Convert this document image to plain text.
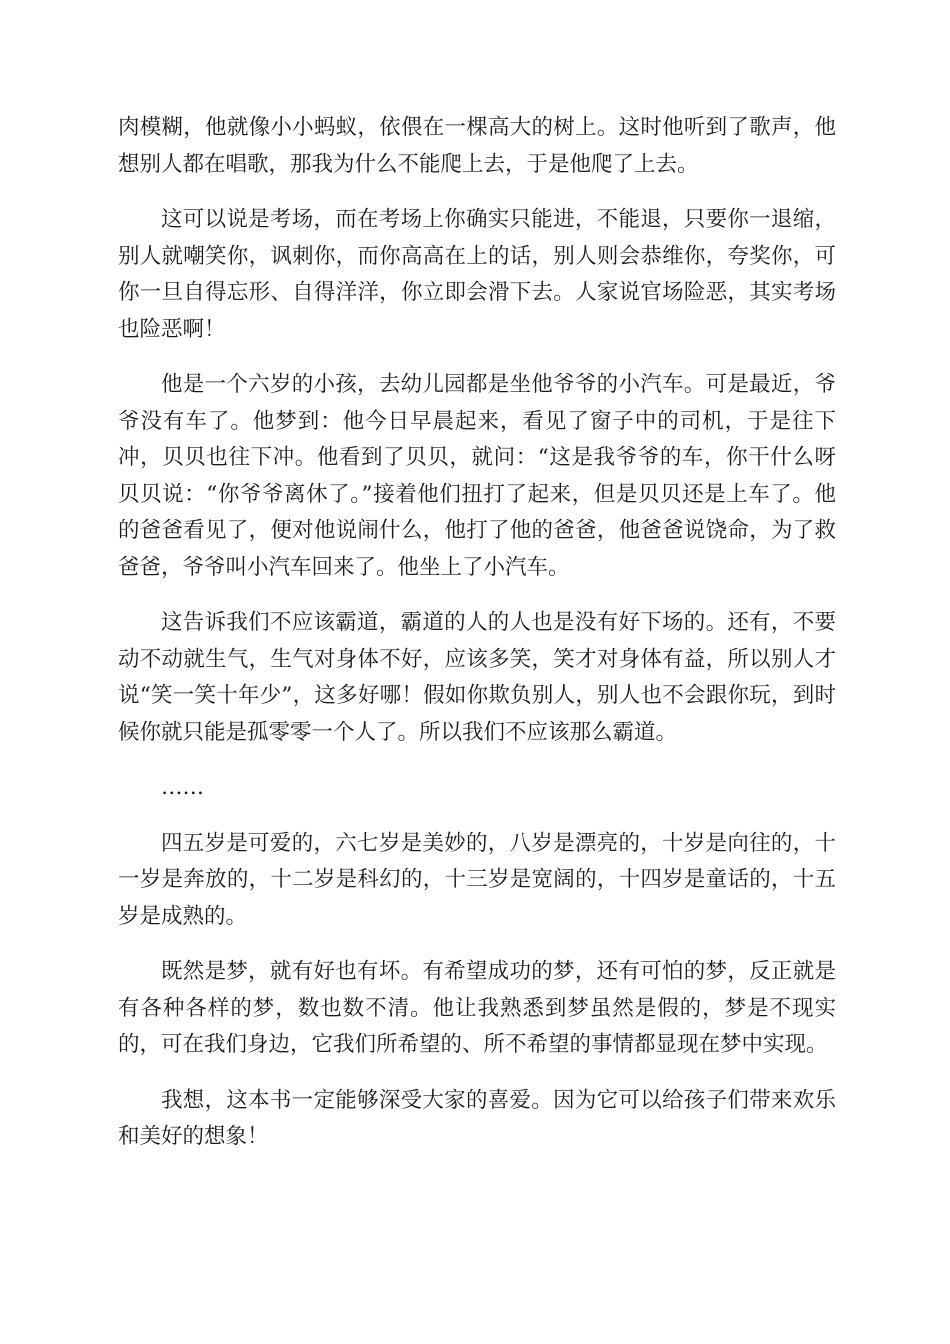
肉模糊，他就像小小蚂蚁，依偎在一棵高大的树上。这时他听到了歌声，他想别人都在唱歌，那我为什么不能爬上去，于是他爬了上去。

这可以说是考场，而在考场上你确实只能进，不能退，只要你一退缩，别人就嘲笑你，讽刺你，而你高高在上的话，别人则会恭维你，夸奖你，可你一旦自得忘形、自得洋洋，你立即会滑下去。人家说官场险恶，其实考场也险恶啊！

他是一个六岁的小孩，去幼儿园都是坐他爷爷的小汽车。可是最近，爷爷没有车了。他梦到：他今日早晨起来，看见了窗子中的司机，于是往下冲，贝贝也往下冲。他看到了贝贝，就问：“这是我爷爷的车，你干什么呀贝贝说：“你爷爷离休了。”接着他们扭打了起来，但是贝贝还是上车了。他的爸爸看见了，便对他说闹什么，他打了他的爸爸，他爸爸说饶命，为了救爸爸，爷爷叫小汽车回来了。他坐上了小汽车。

这告诉我们不应该霸道，霸道的人的人也是没有好下场的。还有，不要动不动就生气，生气对身体不好，应该多笑，笑才对身体有益，所以别人才说“笑一笑十年少”，这多好哪！假如你欺负别人，别人也不会跟你玩，到时候你就只能是孤零零一个人了。所以我们不应该那么霸道。

……

四五岁是可爱的，六七岁是美妙的，八岁是漂亮的，十岁是向往的，十一岁是奔放的，十二岁是科幻的，十三岁是宽阔的，十四岁是童话的，十五岁是成熟的。

既然是梦，就有好也有坏。有希望成功的梦，还有可怕的梦，反正就是有各种各样的梦，数也数不清。他让我熟悉到梦虽然是假的，梦是不现实的，可在我们身边，它我们所希望的、所不希望的事情都显现在梦中实现。

我想，这本书一定能够深受大家的喜爱。因为它可以给孩子们带来欢乐和美好的想象！
